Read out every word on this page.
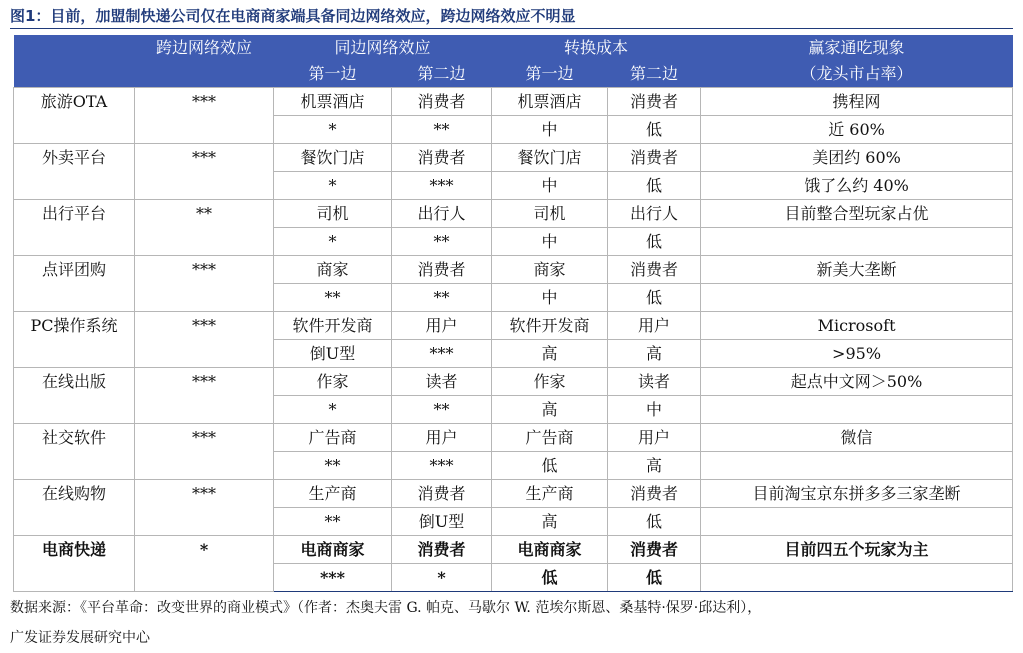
图1：目前，加盟制快递公司仅在电商商家端具备同边网络效应，跨边网络效应不明显
	跨边网络效应	同边网络效应		转换成本		赢家通吃现象
		第一边	第二边	第一边	第二边	（龙头市占率）
旅游OTA	***	机票酒店	消费者	机票酒店	消费者	携程网
		*	**	中	低	近 60%
外卖平台	***	餐饮门店	消费者	餐饮门店	消费者	美团约 60%
		*	***	中	低	饿了么约 40%
出行平台	**	司机	出行人	司机	出行人	目前整合型玩家占优
		*	**	中	低	
点评团购	***	商家	消费者	商家	消费者	新美大垄断
		**	**	中	低	
PC操作系统	***	软件开发商	用户	软件开发商	用户	Microsoft
		倒U型	***	高	高	>95%
在线出版	***	作家	读者	作家	读者	起点中文网＞50%
		*	**	高	中	
社交软件	***	广告商	用户	广告商	用户	微信
		**	***	低	高	
在线购物	***	生产商	消费者	生产商	消费者	目前淘宝京东拼多多三家垄断
		**	倒U型	高	低	
电商快递	*	电商商家	消费者	电商商家	消费者	目前四五个玩家为主
		***	*	低	低	
数据来源：《平台革命：改变世界的商业模式》（作者：杰奥夫雷 G. 帕克、马歇尔 W. 范埃尔斯恩、桑基特·保罗·邱达利），
广发证券发展研究中心
